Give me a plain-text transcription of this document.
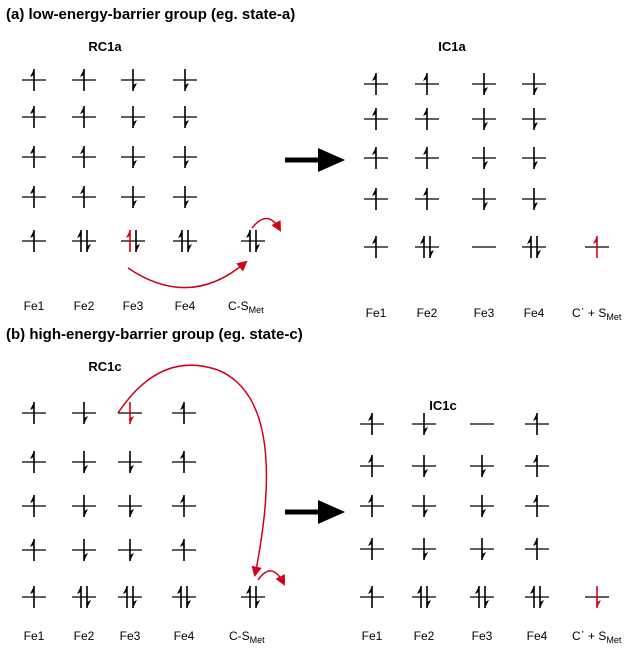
(a) low-energy-barrier group (eg. state-a)
(b) high-energy-barrier group (eg. state-c)
RC1a	IC1a
RC1c
IC1c
Fe1 Fe2 Fe3	Fe4	$C-S_{Met}$	Fe1	Fe2	Fe3 Fe4 $C\cdot + S_{Met}$
Fe1 Fe2 Fe3	Fe4	$C-S_{Met}$	Fe1	Fe2	Fe3	Fe4 $C\cdot + S_{Met}$
